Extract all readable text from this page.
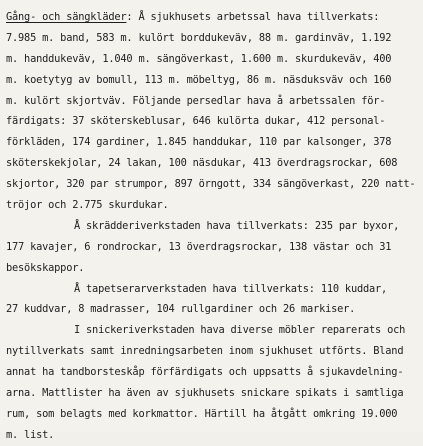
Gång- och sängkläder: Å sjukhusets arbetssal hava tillverkats:
7.985 m. band, 583 m. kulört borddukeväv, 88 m. gardinväv, 1.192
m. handdukeväv, 1.040 m. sängöverkast, 1.600 m. skurdukeväv, 400
m. koetytyg av bomull, 113 m. möbeltyg, 86 m. näsduksväv och 160
m. kulört skjortväv. Följande persedlar hava å arbetssalen för-
färdigats: 37 sköterskeblusar, 646 kulörta dukar, 412 personal-
förkläden, 174 gardiner, 1.845 handdukar, 110 par kalsonger, 378
sköterskekjolar, 24 lakan, 100 näsdukar, 413 överdragsrockar, 608
skjortor, 320 par strumpor, 897 örngott, 334 sängöverkast, 220 natt-
tröjor och 2.775 skurdukar.
Å skrädderiverkstaden hava tillverkats: 235 par byxor,
177 kavajer, 6 rondrockar, 13 överdragsrockar, 138 västar och 31
besökskappor.
Å tapetserarverkstaden hava tillverkats: 110 kuddar,
27 kuddvar, 8 madrasser, 104 rullgardiner och 26 markiser.
I snickeriverkstaden hava diverse möbler reparerats och
nytillverkats samt inredningsarbeten inom sjukhuset utförts. Bland
annat ha tandborsteskåp förfärdigats och uppsatts å sjukavdelning-
arna. Mattlister ha även av sjukhusets snickare spikats i samtliga
rum, som belagts med korkmattor. Härtill ha åtgått omkring 19.000
m. list.
